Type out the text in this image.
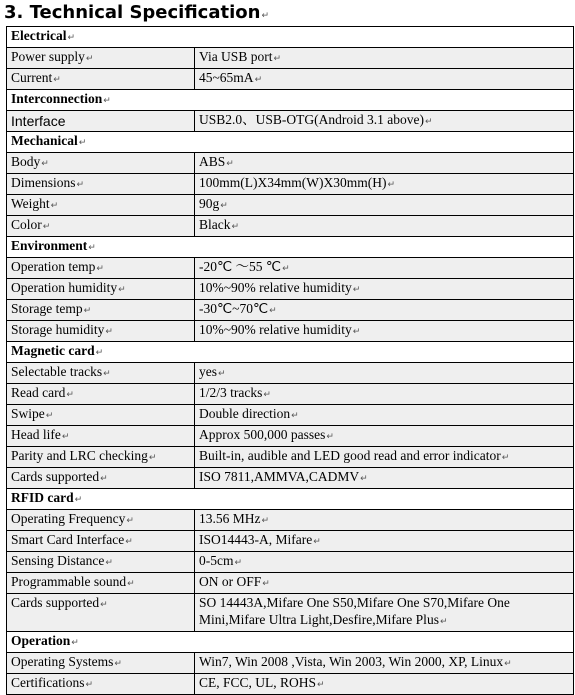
3. Technical Specification↵
Electrical↵	
Power supply↵	Via USB port↵
Current↵	45~65mA↵
Interconnection↵	
Interface	USB2.0、USB-OTG(Android 3.1 above)↵
Mechanical↵	
Body↵	ABS↵
Dimensions↵	100mm(L)X34mm(W)X30mm(H)↵
Weight↵	90g↵
Color↵	Black↵
Environment↵	
Operation temp↵	-20℃ ～55 ℃↵
Operation humidity↵	10%~90% relative humidity↵
Storage temp↵	-30℃~70℃↵
Storage humidity↵	10%~90% relative humidity↵
Magnetic card↵	
Selectable tracks↵	yes↵
Read card↵	1/2/3 tracks↵
Swipe↵	Double direction↵
Head life↵	Approx 500,000 passes↵
Parity and LRC checking↵	Built-in, audible and LED good read and error indicator↵
Cards supported↵	ISO 7811,AMMVA,CADMV↵
RFID card↵	
Operating Frequency↵	13.56 MHz↵
Smart Card Interface↵	ISO14443-A, Mifare↵
Sensing Distance↵	0-5cm↵
Programmable sound↵	ON or OFF↵
Cards supported↵	SO 14443A,Mifare One S50,Mifare One S70,Mifare One Mini,Mifare Ultra Light,Desfire,Mifare Plus↵
Operation↵	
Operating Systems↵	Win7, Win 2008 ,Vista, Win 2003, Win 2000, XP, Linux↵
Certifications↵	CE, FCC, UL, ROHS↵
